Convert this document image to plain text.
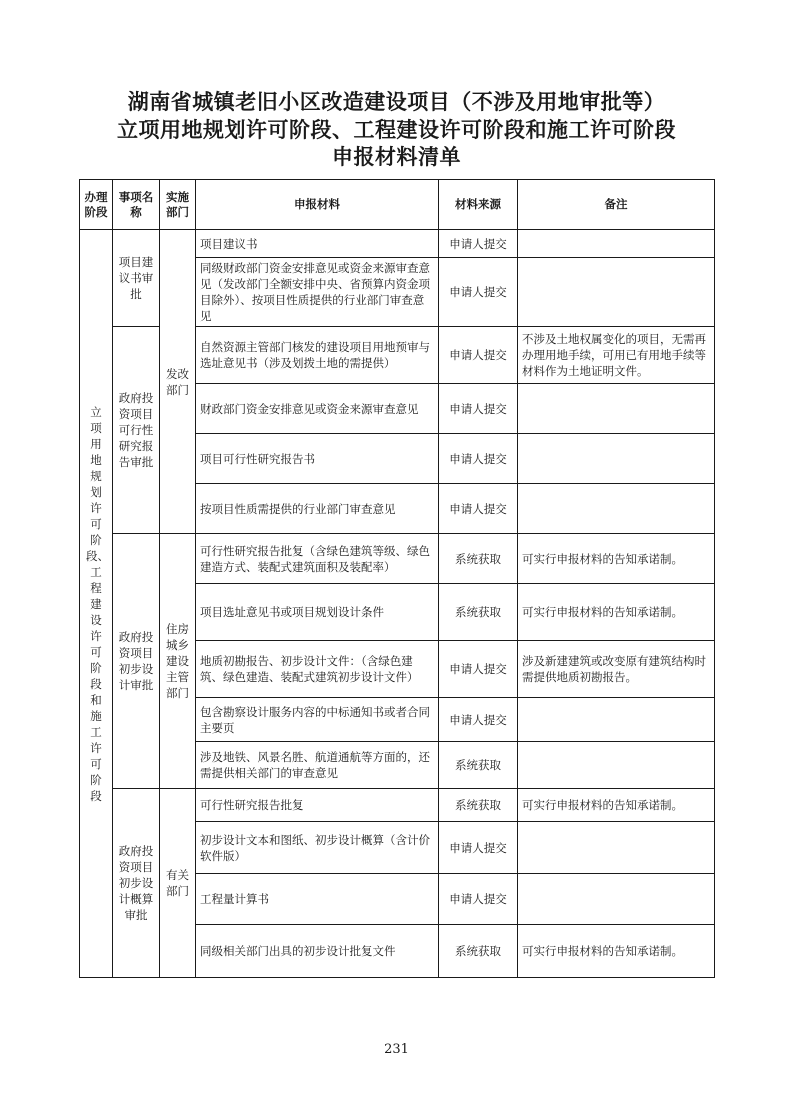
湖南省城镇老旧小区改造建设项目（不涉及用地审批等）
立项用地规划许可阶段、工程建设许可阶段和施工许可阶段
申报材料清单
办理阶段	事项名称	实施部门	申报材料	材料来源	备注
立项用地规划许可阶段、工程建设许可阶段和施工许可阶段	项目建议书审批	发改部门	项目建议书	申请人提交	
			同级财政部门资金安排意见或资金来源审查意见（发改部门全额安排中央、省预算内资金项目除外）、按项目性质提供的行业部门审查意见	申请人提交	
	政府投资项目可行性研究报告审批		自然资源主管部门核发的建设项目用地预审与选址意见书（涉及划拨土地的需提供）	申请人提交	不涉及土地权属变化的项目，无需再办理用地手续，可用已有用地手续等材料作为土地证明文件。
			财政部门资金安排意见或资金来源审查意见	申请人提交	
			项目可行性研究报告书	申请人提交	
			按项目性质需提供的行业部门审查意见	申请人提交	
	政府投资项目初步设计审批	住房城乡建设主管部门	可行性研究报告批复（含绿色建筑等级、绿色建造方式、装配式建筑面积及装配率）	系统获取	可实行申报材料的告知承诺制。
			项目选址意见书或项目规划设计条件	系统获取	可实行申报材料的告知承诺制。
			地质初勘报告、初步设计文件：（含绿色建筑、绿色建造、装配式建筑初步设计文件）	申请人提交	涉及新建建筑或改变原有建筑结构时需提供地质初勘报告。
			包含勘察设计服务内容的中标通知书或者合同主要页	申请人提交	
			涉及地铁、风景名胜、航道通航等方面的，还需提供相关部门的审查意见	系统获取	
	政府投资项目初步设计概算审批	有关部门	可行性研究报告批复	系统获取	可实行申报材料的告知承诺制。
			初步设计文本和图纸、初步设计概算（含计价软件版）	申请人提交	
			工程量计算书	申请人提交	
			同级相关部门出具的初步设计批复文件	系统获取	可实行申报材料的告知承诺制。
231
